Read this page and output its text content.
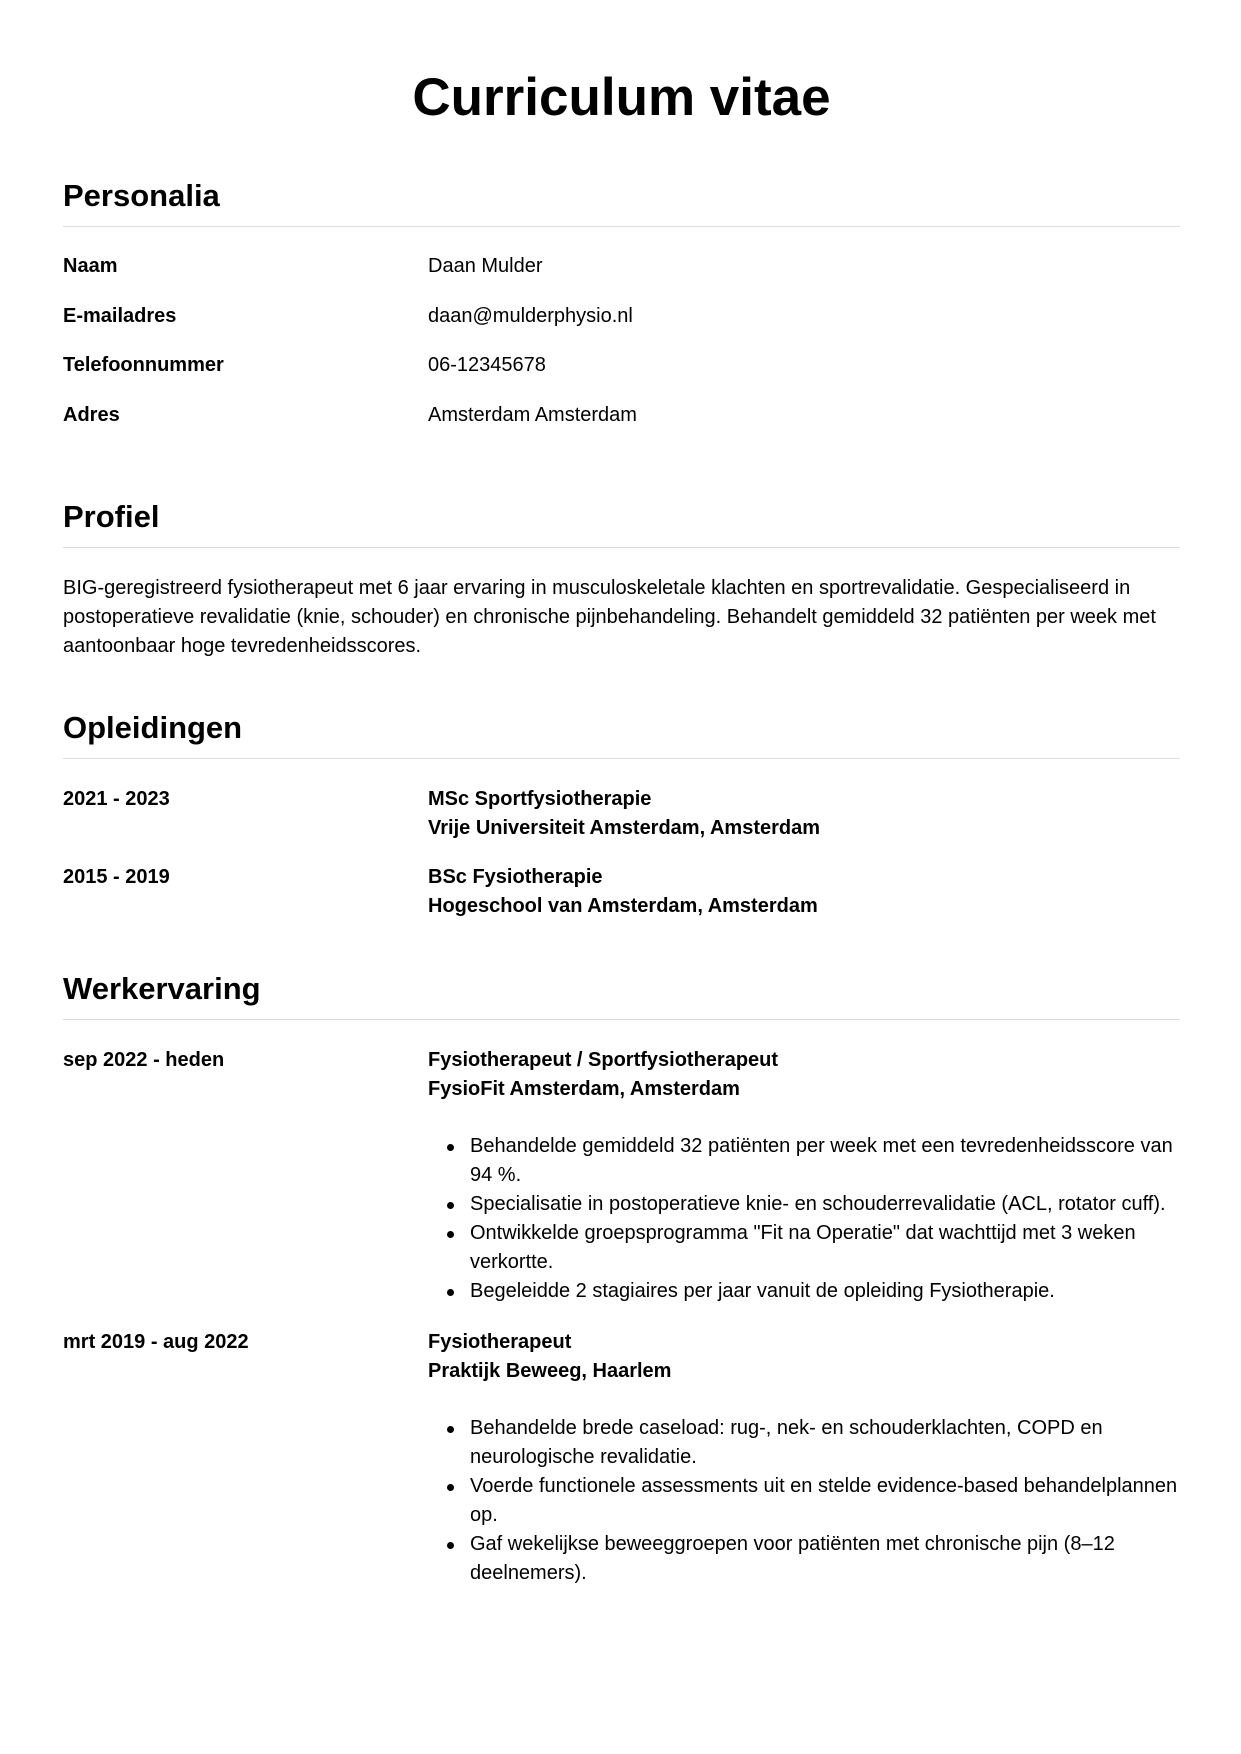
Curriculum vitae
Personalia
Naam	Daan Mulder
E-mailadres	daan@mulderphysio.nl
Telefoonnummer	06-12345678
Adres	Amsterdam Amsterdam
Profiel

BIG-geregistreerd fysiotherapeut met 6 jaar ervaring in musculoskeletale klachten en sportrevalidatie. Gespecialiseerd in postoperatieve revalidatie (knie, schouder) en chronische pijnbehandeling. Behandelt gemiddeld 32 patiënten per week met aantoonbaar hoge tevredenheidsscores.

Opleidingen
2021 - 2023	MSc Sportfysiotherapie
Vrije Universiteit Amsterdam, Amsterdam
2015 - 2019	BSc Fysiotherapie
Hogeschool van Amsterdam, Amsterdam
Werkervaring
sep 2022 - heden	Fysiotherapeut / Sportfysiotherapeut
FysioFit Amsterdam, Amsterdam
Behandelde gemiddeld 32 patiënten per week met een tevredenheidsscore van 94 %.
Specialisatie in postoperatieve knie- en schouderrevalidatie (ACL, rotator cuff).
Ontwikkelde groepsprogramma "Fit na Operatie" dat wachttijd met 3 weken verkortte.
Begeleidde 2 stagiaires per jaar vanuit de opleiding Fysiotherapie.
mrt 2019 - aug 2022	Fysiotherapeut
Praktijk Beweeg, Haarlem
Behandelde brede caseload: rug-, nek- en schouderklachten, COPD en neurologische revalidatie.
Voerde functionele assessments uit en stelde evidence-based behandelplannen op.
Gaf wekelijkse beweeggroepen voor patiënten met chronische pijn (8–12 deelnemers).
